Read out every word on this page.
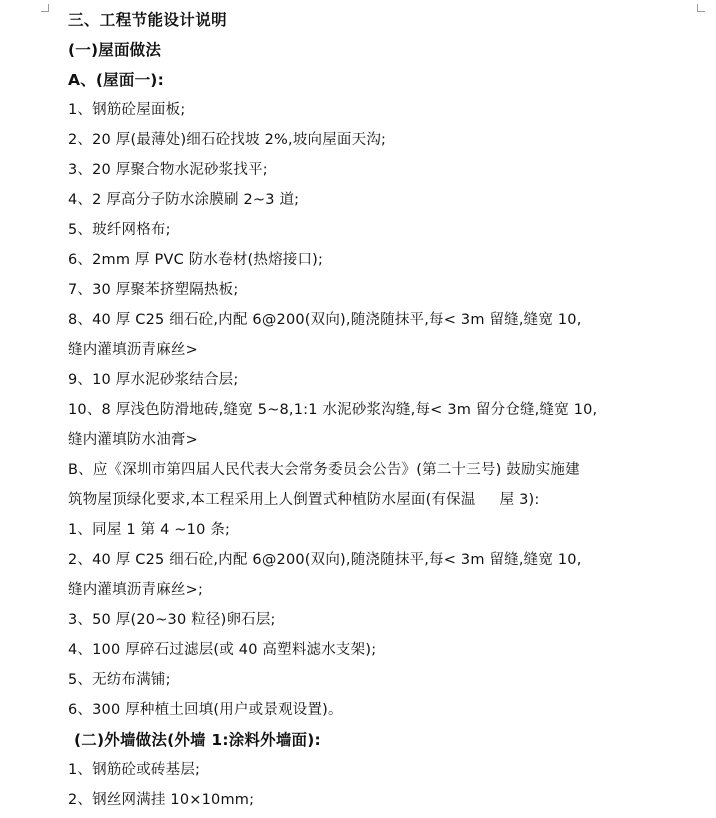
三、工程节能设计说明
(一)屋面做法
A、(屋面一):
1、钢筋砼屋面板;
2、20 厚(最薄处)细石砼找坡 2%,坡向屋面天沟;
3、20 厚聚合物水泥砂浆找平;
4、2 厚高分子防水涂膜刷 2~3 道;
5、玻纤网格布;
6、2mm 厚 PVC 防水卷材(热熔接口);
7、30 厚聚苯挤塑隔热板;
8、40 厚 C25 细石砼,内配 6@200(双向),随浇随抹平,每< 3m 留缝,缝宽 10,
缝内灌填沥青麻丝>
9、10 厚水泥砂浆结合层;
10、8 厚浅色防滑地砖,缝宽 5~8,1:1 水泥砂浆沟缝,每< 3m 留分仓缝,缝宽 10,
缝内灌填防水油膏>
B、应《深圳市第四届人民代表大会常务委员会公告》(第二十三号) 鼓励实施建
筑物屋顶绿化要求,本工程采用上人倒置式种植防水屋面(有保温     屋 3):
1、同屋 1 第 4 ~10 条;
2、40 厚 C25 细石砼,内配 6@200(双向),随浇随抹平,每< 3m 留缝,缝宽 10,
缝内灌填沥青麻丝>;
3、50 厚(20~30 粒径)卵石层;
4、100 厚碎石过滤层(或 40 高塑料滤水支架);
5、无纺布满铺;
6、300 厚种植土回填(用户或景观设置)。
(二)外墙做法(外墙 1:涂料外墙面):
1、钢筋砼或砖基层;
2、钢丝网满挂 10×10mm;
